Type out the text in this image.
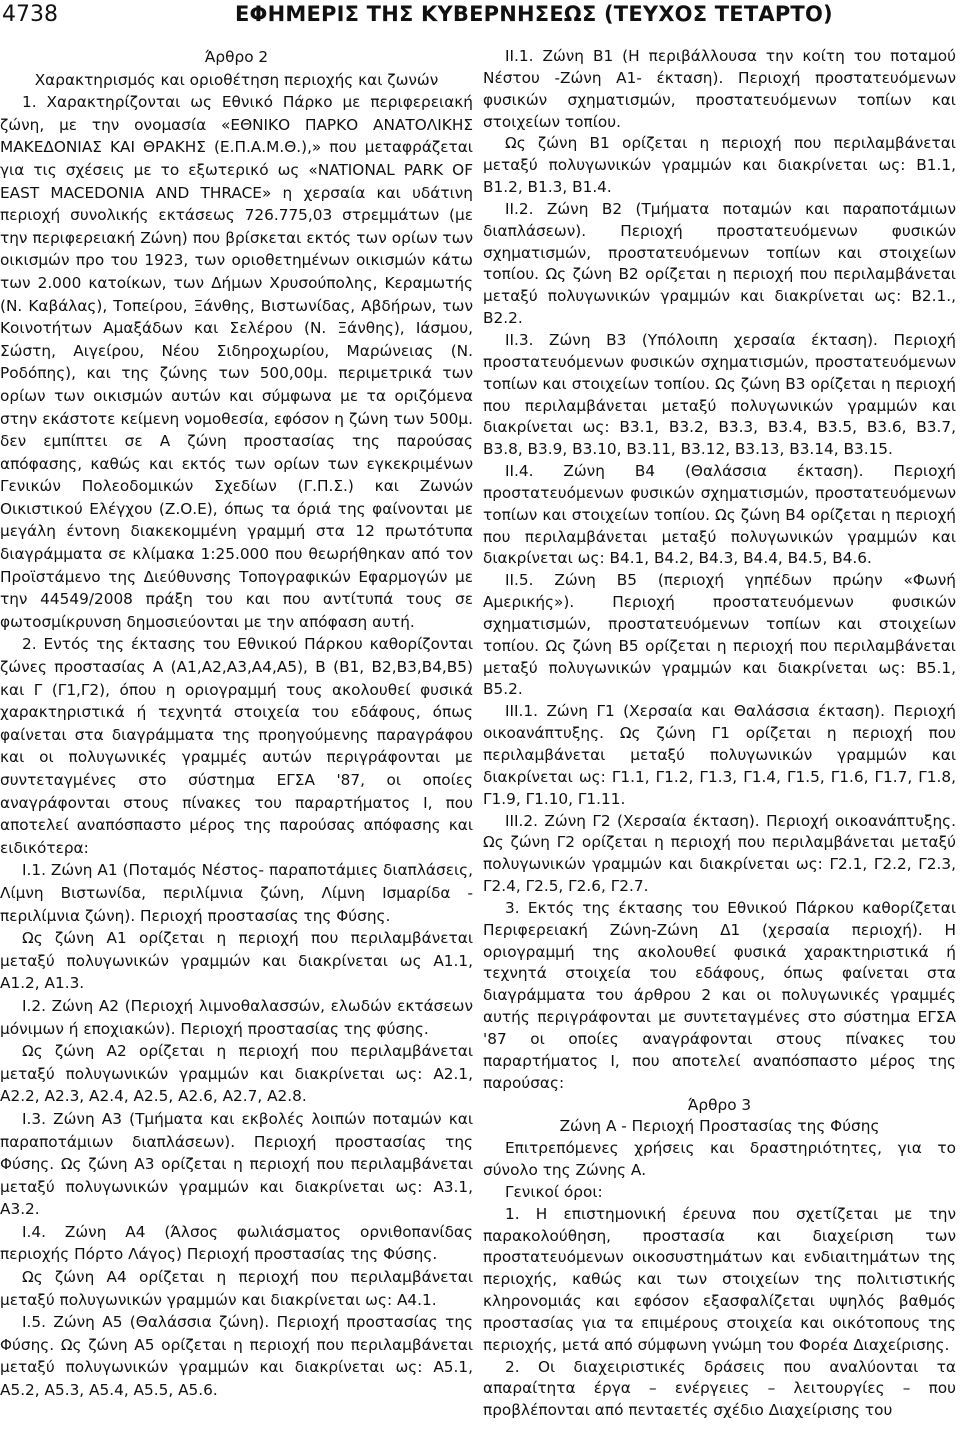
4738	ΕΦΗΜΕΡΙΣ ΤΗΣ ΚΥΒΕΡΝΗΣΕΩΣ (ΤΕΥΧΟΣ ΤΕΤΑΡΤΟ)

Άρθρο 2

Χαρακτηρισμός και οριοθέτηση περιοχής και ζωνών

1. Χαρακτηρίζονται ως Εθνικό Πάρκο με περιφερειακή ζώνη, με την ονομασία «ΕΘΝΙΚΟ ΠΑΡΚΟ ΑΝΑΤΟΛΙΚΗΣ ΜΑΚΕΔΟΝΙΑΣ ΚΑΙ ΘΡΑΚΗΣ (Ε.Π.Α.Μ.Θ.),» που μεταφράζεται για τις σχέσεις με το εξωτερικό ως «NATIONAL PARK OF EAST MACEDONIA AND THRACE» η χερσαία και υδάτινη περιοχή συνολικής εκτάσεως 726.775,03 στρεμμάτων (με την περιφερειακή Ζώνη) που βρίσκεται εκτός των ορίων των οικισμών προ του 1923, των οριοθετημένων οικισμών κάτω των 2.000 κατοίκων, των Δήμων Χρυσούπολης, Κεραμωτής (Ν. Καβάλας), Τοπείρου, Ξάνθης, Βιστωνίδας, Αβδήρων, των Κοινοτήτων Αμαξάδων και Σελέρου (Ν. Ξάνθης), Ιάσμου, Σώστη, Αιγείρου, Νέου Σιδηροχωρίου, Μαρώνειας (Ν. Ροδόπης), και της ζώνης των 500,00μ. περιμετρικά των ορίων των οικισμών αυτών και σύμφωνα με τα οριζόμενα στην εκάστοτε κείμενη νομοθεσία, εφόσον η ζώνη των 500μ. δεν εμπίπτει σε Α ζώνη προστασίας της παρούσας απόφασης, καθώς και εκτός των ορίων των εγκεκριμένων Γενικών Πολεοδομικών Σχεδίων (Γ.Π.Σ.) και Ζωνών Οικιστικού Ελέγχου (Ζ.Ο.Ε), όπως τα όριά της φαίνονται με μεγάλη έντονη διακεκομμένη γραμμή στα 12 πρωτότυπα διαγράμματα σε κλίμακα 1:25.000 που θεωρήθηκαν από τον Προϊστάμενο της Διεύθυνσης Τοπογραφικών Εφαρμογών με την 44549/2008 πράξη του και που αντίτυπά τους σε φωτοσμίκρυνση δημοσιεύονται με την απόφαση αυτή.

2. Εντός της έκτασης του Εθνικού Πάρκου καθορίζονται ζώνες προστασίας Α (Α1,Α2,Α3,Α4,Α5), Β (Β1, Β2,Β3,Β4,Β5) και Γ (Γ1,Γ2), όπου η οριογραμμή τους ακολουθεί φυσικά χαρακτηριστικά ή τεχνητά στοιχεία του εδάφους, όπως φαίνεται στα διαγράμματα της προηγούμενης παραγράφου και οι πολυγωνικές γραμμές αυτών περιγράφονται με συντεταγμένες στο σύστημα ΕΓΣΑ '87, οι οποίες αναγράφονται στους πίνακες του παραρτήματος Ι, που αποτελεί αναπόσπαστο μέρος της παρούσας απόφασης και ειδικότερα:

Ι.1. Ζώνη Α1 (Ποταμός Νέστος- παραποτάμιες διαπλάσεις, Λίμνη Βιστωνίδα, περιλίμνια ζώνη, Λίμνη Ισμαρίδα - περιλίμνια ζώνη). Περιοχή προστασίας της Φύσης.

Ως ζώνη Α1 ορίζεται η περιοχή που περιλαμβάνεται μεταξύ πολυγωνικών γραμμών και διακρίνεται ως Α1.1, Α1.2, Α1.3.

Ι.2. Ζώνη Α2 (Περιοχή λιμνοθαλασσών, ελωδών εκτάσεων μόνιμων ή εποχιακών). Περιοχή προστασίας της φύσης.

Ως ζώνη Α2 ορίζεται η περιοχή που περιλαμβάνεται μεταξύ πολυγωνικών γραμμών και διακρίνεται ως: Α2.1, Α2.2, Α2.3, Α2.4, Α2.5, Α2.6, Α2.7, Α2.8.

Ι.3. Ζώνη Α3 (Τμήματα και εκβολές λοιπών ποταμών και παραποτάμιων διαπλάσεων). Περιοχή προστασίας της Φύσης. Ως ζώνη Α3 ορίζεται η περιοχή που περιλαμβάνεται μεταξύ πολυγωνικών γραμμών και διακρίνεται ως: Α3.1, Α3.2.

Ι.4. Ζώνη Α4 (Άλσος φωλιάσματος ορνιθοπανίδας περιοχής Πόρτο Λάγος) Περιοχή προστασίας της Φύσης.

Ως ζώνη Α4 ορίζεται η περιοχή που περιλαμβάνεται μεταξύ πολυγωνικών γραμμών και διακρίνεται ως: Α4.1.

Ι.5. Ζώνη Α5 (Θαλάσσια ζώνη). Περιοχή προστασίας της Φύσης. Ως ζώνη Α5 ορίζεται η περιοχή που περιλαμβάνεται μεταξύ πολυγωνικών γραμμών και διακρίνεται ως: Α5.1, Α5.2, Α5.3, Α5.4, Α5.5, Α5.6.

ΙΙ.1. Ζώνη Β1 (Η περιβάλλουσα την κοίτη του ποταμού Νέστου -Ζώνη Α1- έκταση). Περιοχή προστατευόμενων φυσικών σχηματισμών, προστατευόμενων τοπίων και στοιχείων τοπίου.

Ως ζώνη Β1 ορίζεται η περιοχή που περιλαμβάνεται μεταξύ πολυγωνικών γραμμών και διακρίνεται ως: Β1.1, Β1.2, Β1.3, Β1.4.

ΙΙ.2. Ζώνη Β2 (Τμήματα ποταμών και παραποτάμιων διαπλάσεων). Περιοχή προστατευόμενων φυσικών σχηματισμών, προστατευόμενων τοπίων και στοιχείων τοπίου. Ως ζώνη Β2 ορίζεται η περιοχή που περιλαμβάνεται μεταξύ πολυγωνικών γραμμών και διακρίνεται ως: Β2.1., Β2.2.

ΙΙ.3. Ζώνη Β3 (Υπόλοιπη χερσαία έκταση). Περιοχή προστατευόμενων φυσικών σχηματισμών, προστατευόμενων τοπίων και στοιχείων τοπίου. Ως ζώνη Β3 ορίζεται η περιοχή που περιλαμβάνεται μεταξύ πολυγωνικών γραμμών και διακρίνεται ως: Β3.1, Β3.2, Β3.3, Β3.4, Β3.5, Β3.6, Β3.7, Β3.8, Β3.9, Β3.10, Β3.11, Β3.12, Β3.13, Β3.14, Β3.15.

ΙΙ.4. Ζώνη Β4 (Θαλάσσια έκταση). Περιοχή προστατευόμενων φυσικών σχηματισμών, προστατευόμενων τοπίων και στοιχείων τοπίου. Ως ζώνη Β4 ορίζεται η περιοχή που περιλαμβάνεται μεταξύ πολυγωνικών γραμμών και διακρίνεται ως: Β4.1, Β4.2, Β4.3, Β4.4, Β4.5, Β4.6.

ΙΙ.5. Ζώνη Β5 (περιοχή γηπέδων πρώην «Φωνή Αμερικής»). Περιοχή προστατευόμενων φυσικών σχηματισμών, προστατευόμενων τοπίων και στοιχείων τοπίου. Ως ζώνη Β5 ορίζεται η περιοχή που περιλαμβάνεται μεταξύ πολυγωνικών γραμμών και διακρίνεται ως: Β5.1, Β5.2.

ΙΙΙ.1. Ζώνη Γ1 (Χερσαία και Θαλάσσια έκταση). Περιοχή οικοανάπτυξης. Ως ζώνη Γ1 ορίζεται η περιοχή που περιλαμβάνεται μεταξύ πολυγωνικών γραμμών και διακρίνεται ως: Γ1.1, Γ1.2, Γ1.3, Γ1.4, Γ1.5, Γ1.6, Γ1.7, Γ1.8, Γ1.9, Γ1.10, Γ1.11.

ΙΙΙ.2. Ζώνη Γ2 (Χερσαία έκταση). Περιοχή οικοανάπτυξης. Ως ζώνη Γ2 ορίζεται η περιοχή που περιλαμβάνεται μεταξύ πολυγωνικών γραμμών και διακρίνεται ως: Γ2.1, Γ2.2, Γ2.3, Γ2.4, Γ2.5, Γ2.6, Γ2.7.

3. Εκτός της έκτασης του Εθνικού Πάρκου καθορίζεται Περιφερειακή Ζώνη-Ζώνη Δ1 (χερσαία περιοχή). Η οριογραμμή της ακολουθεί φυσικά χαρακτηριστικά ή τεχνητά στοιχεία του εδάφους, όπως φαίνεται στα διαγράμματα του άρθρου 2 και οι πολυγωνικές γραμμές αυτής περιγράφονται με συντεταγμένες στο σύστημα ΕΓΣΑ '87 οι οποίες αναγράφονται στους πίνακες του παραρτήματος Ι, που αποτελεί αναπόσπαστο μέρος της παρούσας:

Άρθρο 3

Ζώνη Α - Περιοχή Προστασίας της Φύσης

Επιτρεπόμενες χρήσεις και δραστηριότητες, για το σύνολο της Ζώνης Α.

Γενικοί όροι:

1. Η επιστημονική έρευνα που σχετίζεται με την παρακολούθηση, προστασία και διαχείριση των προστατευόμενων οικοσυστημάτων και ενδιαιτημάτων της περιοχής, καθώς και των στοιχείων της πολιτιστικής κληρονομιάς και εφόσον εξασφαλίζεται υψηλός βαθμός προστασίας για τα επιμέρους στοιχεία και οικότοπους της περιοχής, μετά από σύμφωνη γνώμη του Φορέα Διαχείρισης.

2. Οι διαχειριστικές δράσεις που αναλύονται τα απαραίτητα έργα – ενέργειες – λειτουργίες – που προβλέπονται από πενταετές σχέδιο Διαχείρισης του
